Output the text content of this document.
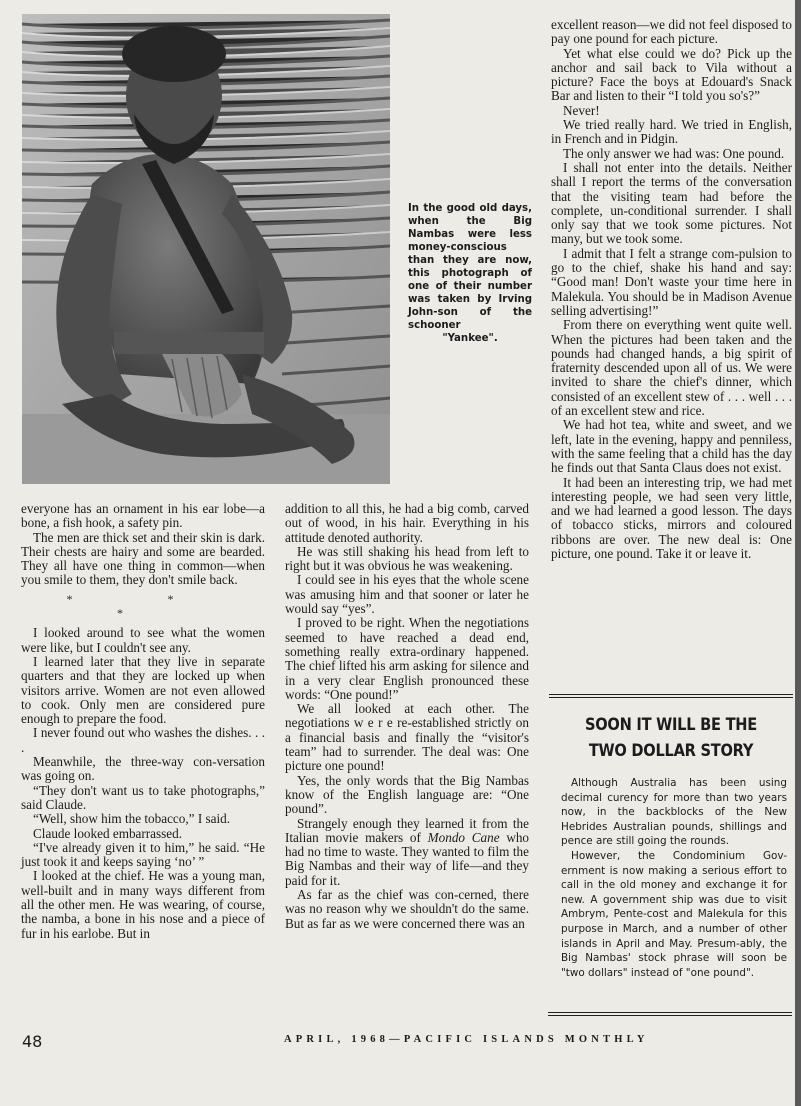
In the good old days, when the Big Nambas were less money-conscious than they are now, this photograph of one of their number was taken by Irving John-son of the schooner
"Yankee".

everyone has an ornament in his ear lobe—a bone, a fish hook, a safety pin.

The men are thick set and their skin is dark. Their chests are hairy and some are bearded. They all have one thing in common—when you smile to them, they don't smile back.

* * *

I looked around to see what the women were like, but I couldn't see any.

I learned later that they live in separate quarters and that they are locked up when visitors arrive. Women are not even allowed to cook. Only men are considered pure enough to prepare the food.

I never found out who washes the dishes. . . .

Meanwhile, the three-way con-versation was going on.

“They don't want us to take photographs,” said Claude.

“Well, show him the tobacco,” I said.

Claude looked embarrassed.

“I've already given it to him,” he said. “He just took it and keeps saying ‘no’ ”

I looked at the chief. He was a young man, well-built and in many ways different from all the other men. He was wearing, of course, the namba, a bone in his nose and a piece of fur in his earlobe. But in

addition to all this, he had a big comb, carved out of wood, in his hair. Everything in his attitude denoted authority.

He was still shaking his head from left to right but it was obvious he was weakening.

I could see in his eyes that the whole scene was amusing him and that sooner or later he would say “yes”.

I proved to be right. When the negotiations seemed to have reached a dead end, something really extra-ordinary happened. The chief lifted his arm asking for silence and in a very clear English pronounced these words: “One pound!”

We all looked at each other. The negotiations w e r e re-established strictly on a financial basis and finally the “visitor's team” had to surrender. The deal was: One picture one pound!

Yes, the only words that the Big Nambas know of the English language are: “One pound”.

Strangely enough they learned it from the Italian movie makers of Mondo Cane who had no time to waste. They wanted to film the Big Nambas and their way of life—and they paid for it.

As far as the chief was con-cerned, there was no reason why we shouldn't do the same. But as far as we were concerned there was an

excellent reason—we did not feel disposed to pay one pound for each picture.

Yet what else could we do? Pick up the anchor and sail back to Vila without a picture? Face the boys at Edouard's Snack Bar and listen to their “I told you so's?”

Never!

We tried really hard. We tried in English, in French and in Pidgin.

The only answer we had was: One pound.

I shall not enter into the details. Neither shall I report the terms of the conversation that the visiting team had before the complete, un-conditional surrender. I shall only say that we took some pictures. Not many, but we took some.

I admit that I felt a strange com-pulsion to go to the chief, shake his hand and say: “Good man! Don't waste your time here in Malekula. You should be in Madison Avenue selling advertising!”

From there on everything went quite well. When the pictures had been taken and the pounds had changed hands, a big spirit of fraternity descended upon all of us. We were invited to share the chief's dinner, which consisted of an excellent stew of . . . well . . . of an excellent stew and rice.

We had hot tea, white and sweet, and we left, late in the evening, happy and penniless, with the same feeling that a child has the day he finds out that Santa Claus does not exist.

It had been an interesting trip, we had met interesting people, we had seen very little, and we had learned a good lesson. The days of tobacco sticks, mirrors and coloured ribbons are over. The new deal is: One picture, one pound. Take it or leave it.

SOON IT WILL BE THE
TWO DOLLAR STORY

Although Australia has been using decimal curency for more than two years now, in the backblocks of the New Hebrides Australian pounds, shillings and pence are still going the rounds.

However, the Condominium Gov-ernment is now making a serious effort to call in the old money and exchange it for new. A government ship was due to visit Ambrym, Pente-cost and Malekula for this purpose in March, and a number of other islands in April and May. Presum-ably, the Big Nambas' stock phrase will soon be "two dollars" instead of "one pound".

48	APRIL, 1968—PACIFIC ISLANDS MONTHLY
